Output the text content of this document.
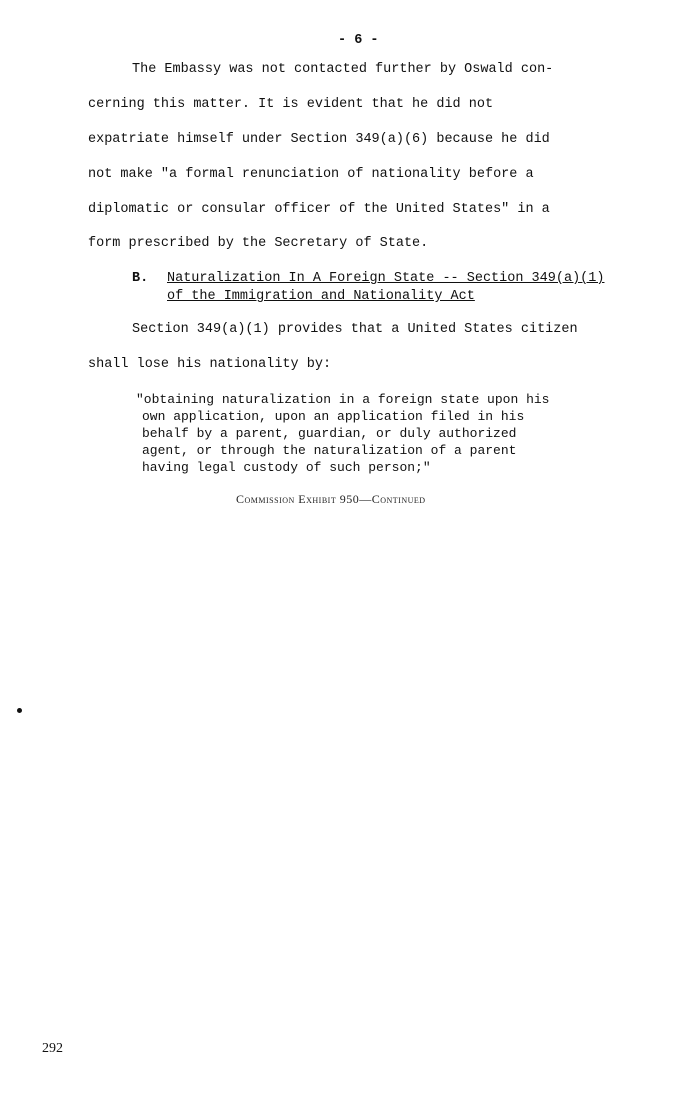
- 6 -
The Embassy was not contacted further by Oswald con-
cerning this matter. It is evident that he did not
expatriate himself under Section 349(a)(6) because he did
not make "a formal renunciation of nationality before a
diplomatic or consular officer of the United States" in a
form prescribed by the Secretary of State.
B. Naturalization In A Foreign State -- Section 349(a)(1)
of the Immigration and Nationality Act
Section 349(a)(1) provides that a United States citizen
shall lose his nationality by:
"obtaining naturalization in a foreign state upon his
own application, upon an application filed in his
behalf by a parent, guardian, or duly authorized
agent, or through the naturalization of a parent
having legal custody of such person;"
Commission Exhibit 950—Continued
292
